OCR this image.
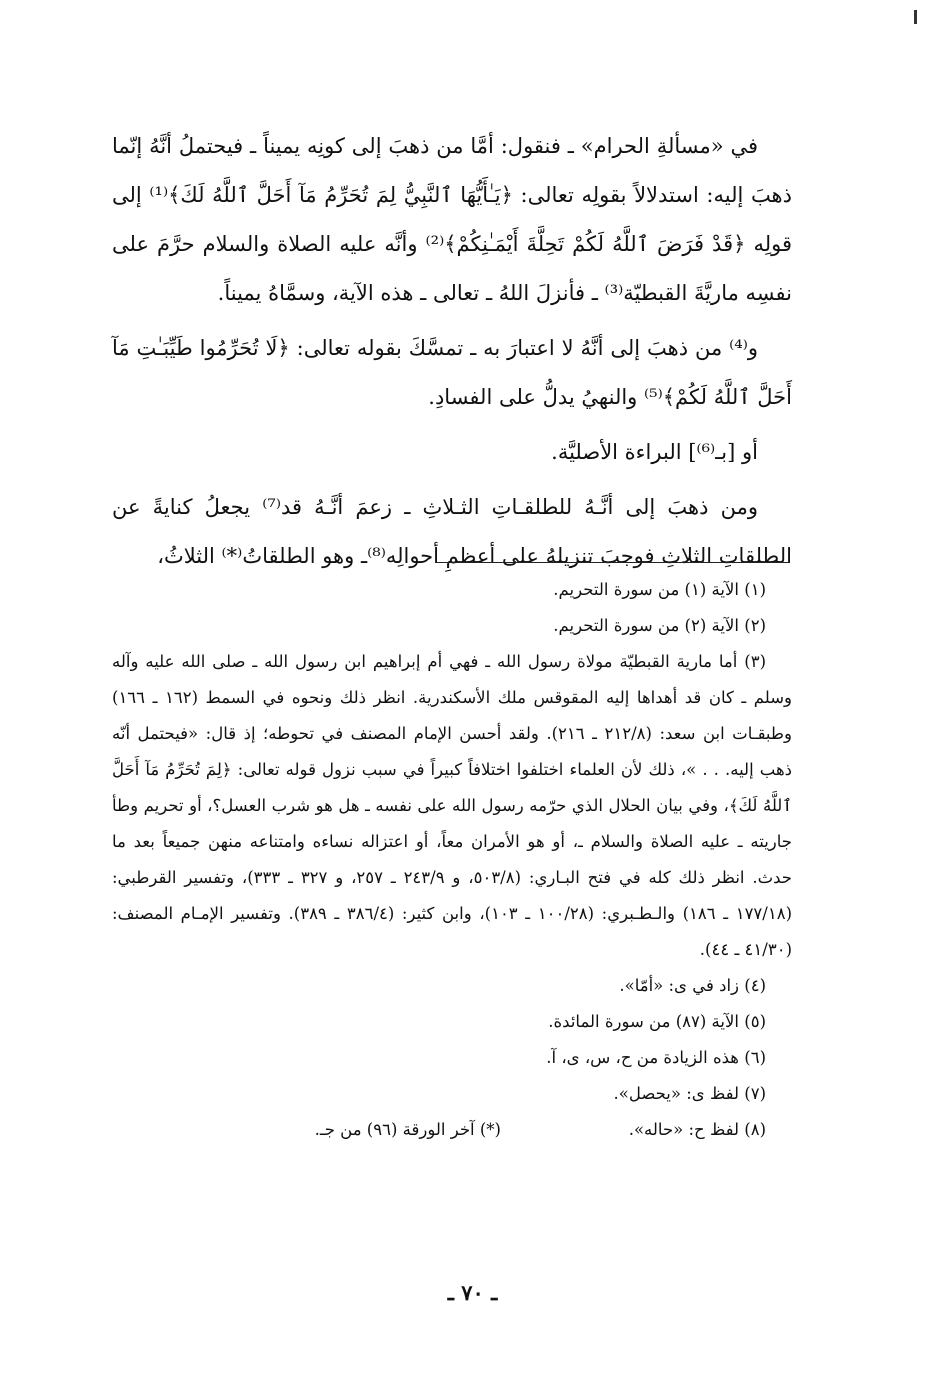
في «مسألةِ الحرام» ـ فنقول: أمَّا من ذهبَ إلى كونِه يميناً ـ فيحتملُ أنَّهُ إنّما ذهبَ إليه: استدلالاً بقولِه تعالى: ﴿يَـٰأَيُّهَا ٱلنَّبِيُّ لِمَ تُحَرِّمُ مَآ أَحَلَّ ٱللَّهُ لَكَ﴾⁽¹⁾ إلى قولِه ﴿قَدْ فَرَضَ ٱللَّهُ لَكُمْ تَحِلَّةَ أَيْمَـٰنِكُمْ﴾⁽²⁾ وأنَّه عليه الصلاة والسلام حرَّمَ على نفسِه ماريَّةَ القبطيّة⁽³⁾ ـ فأنزلَ اللهُ ـ تعالى ـ هذه الآية، وسمَّاهُ يميناً.

و⁽⁴⁾ من ذهبَ إلى أنَّهُ لا اعتبارَ به ـ تمسَّكَ بقوله تعالى: ﴿لَا تُحَرِّمُوا طَيِّبَـٰتِ مَآ أَحَلَّ ٱللَّهُ لَكُمْ﴾⁽⁵⁾ والنهيُ يدلُّ على الفسادِ.

أو [بـ⁽⁶⁾] البراءة الأصليَّة.

ومن ذهبَ إلى أنَّـهُ للطلقـاتِ الثـلاثِ ـ زعمَ أنَّـهُ قد⁽⁷⁾ يجعلُ كنايةً عن الطلقاتِ الثلاثِ فوجبَ تنزيلهُ على أعظمِ أحوالِه⁽⁸⁾ـ وهو الطلقاتُ⁽*⁾ الثلاثُ،

(١) الآية (١) من سورة التحريم.

(٢) الآية (٢) من سورة التحريم.

(٣) أما مارية القبطيّة مولاة رسول الله ـ فهي أم إبراهيم ابن رسول الله ـ صلى الله عليه وآله وسلم ـ كان قد أهداها إليه المقوقس ملك الأسكندرية. انظر ذلك ونحوه في السمط (١٦٢ ـ ١٦٦) وطبقـات ابن سعد: (٢١٢/٨ ـ ٢١٦). ولقد أحسن الإمام المصنف في تحوطه؛ إذ قال: «فيحتمل أنّه ذهب إليه. . . »، ذلك لأن العلماء اختلفوا اختلافاً كبيراً في سبب نزول قوله تعالى: ﴿لِمَ تُحَرِّمُ مَآ أَحَلَّ ٱللَّهُ لَكَ﴾، وفي بيان الحلال الذي حرّمه رسول الله على نفسه ـ هل هو شرب العسل؟، أو تحريم وطأ جاريته ـ عليه الصلاة والسلام ـ، أو هو الأمران معاً، أو اعتزاله نساءه وامتناعه منهن جميعاً بعد ما حدث. انظر ذلك كله في فتح البـاري: (٥٠٣/٨، و ٢٤٣/٩ ـ ٢٥٧، و ٣٢٧ ـ ٣٣٣)، وتفسير القرطبي: (١٧٧/١٨ ـ ١٨٦) والـطـبري: (١٠٠/٢٨ ـ ١٠٣)، وابن كثير: (٣٨٦/٤ ـ ٣٨٩). وتفسير الإمـام المصنف: (٤١/٣٠ ـ ٤٤).

(٤) زاد في ى: «أمّا».

(٥) الآية (٨٧) من سورة المائدة.

(٦) هذه الزيادة من ح، س، ى، آ.

(٧) لفظ ى: «يحصل».

(٨) لفظ ح: «حاله».
(*) آخر الورقة (٩٦) من جـ.
ـ ٧٠ ـ
